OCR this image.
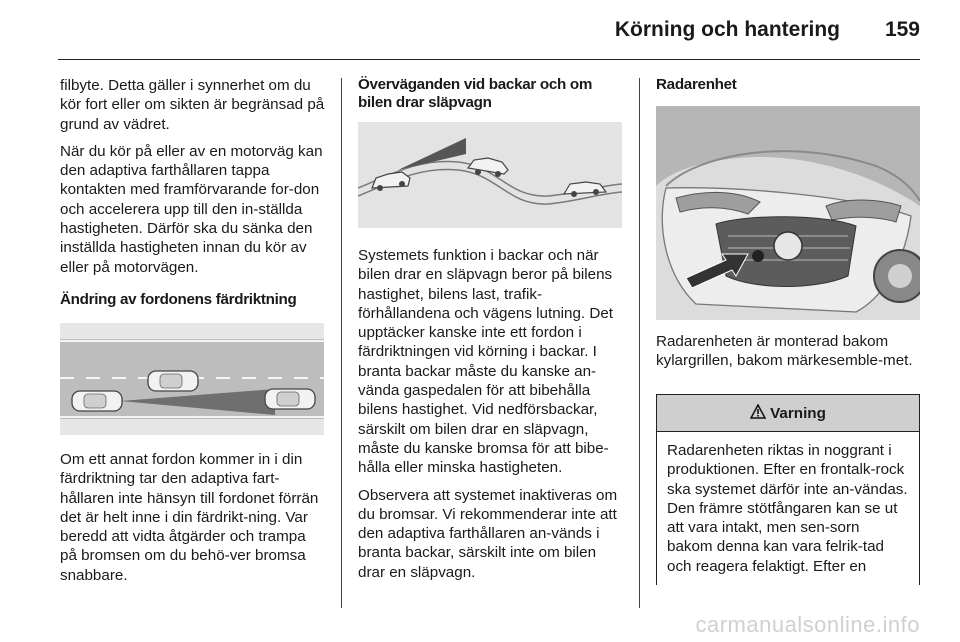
Körning och hantering 159

filbyte. Detta gäller i synnerhet om du kör fort eller om sikten är begränsad på grund av vädret.

När du kör på eller av en motorväg kan den adaptiva farthållaren tappa kontakten med framförvarande for-don och accelerera upp till den in-ställda hastigheten. Därför ska du sänka den inställda hastigheten innan du kör av eller på motorvägen.

Ändring av fordonens färdriktning

Om ett annat fordon kommer in i din färdriktning tar den adaptiva fart-hållaren inte hänsyn till fordonet förrän det är helt inne i din färdrikt-ning. Var beredd att vidta åtgärder och trampa på bromsen om du behö-ver bromsa snabbare.

Överväganden vid backar och om bilen drar släpvagn

Systemets funktion i backar och när bilen drar en släpvagn beror på bilens hastighet, bilens last, trafik-förhållandena och vägens lutning. Det upptäcker kanske inte ett fordon i färdriktningen vid körning i backar. I branta backar måste du kanske an-vända gaspedalen för att bibehålla bilens hastighet. Vid nedförsbackar, särskilt om bilen drar en släpvagn, måste du kanske bromsa för att bibe-hålla eller minska hastigheten.

Observera att systemet inaktiveras om du bromsar. Vi rekommenderar inte att den adaptiva farthållaren an-vänds i branta backar, särskilt inte om bilen drar en släpvagn.

Radarenhet

Radarenheten är monterad bakom kylargrillen, bakom märkesemble-met.

Varning
Radarenheten riktas in noggrant i produktionen. Efter en frontalk-rock ska systemet därför inte an-vändas. Den främre stötfångaren kan se ut att vara intakt, men sen-sorn bakom denna kan vara felrik-tad och reagera felaktigt. Efter en
carmanualsonline.info
